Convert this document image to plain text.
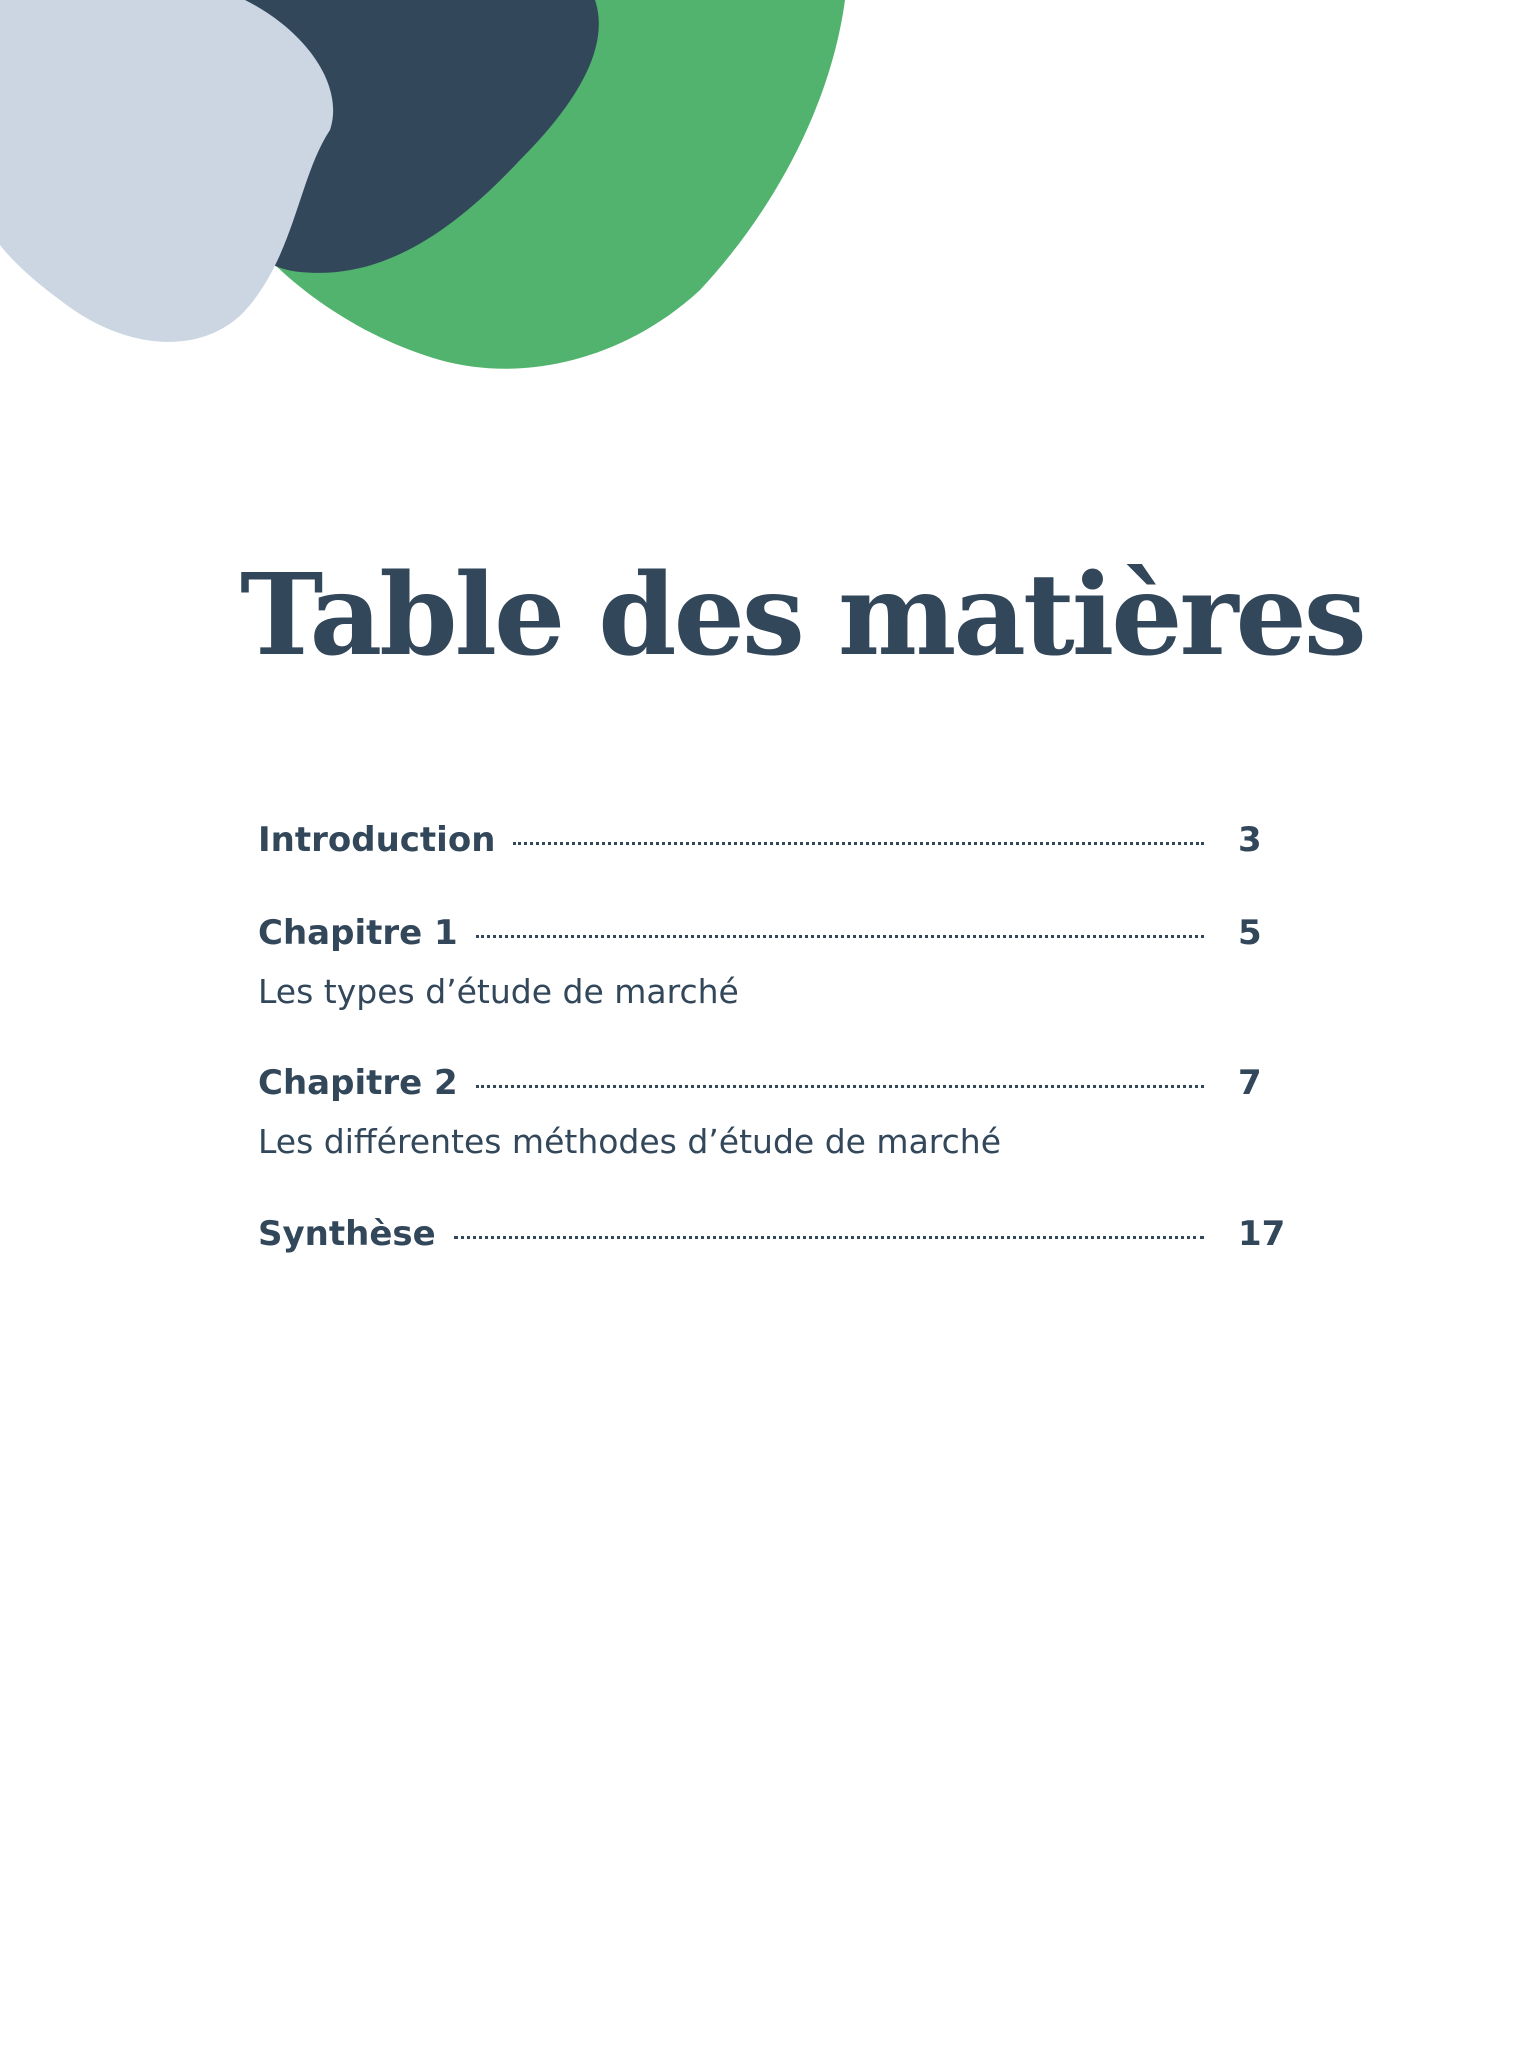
Table des matières
Introduction	3
Chapitre 1	5
Les types d’étude de marché
Chapitre 2	7
Les différentes méthodes d’étude de marché
Synthèse	17
